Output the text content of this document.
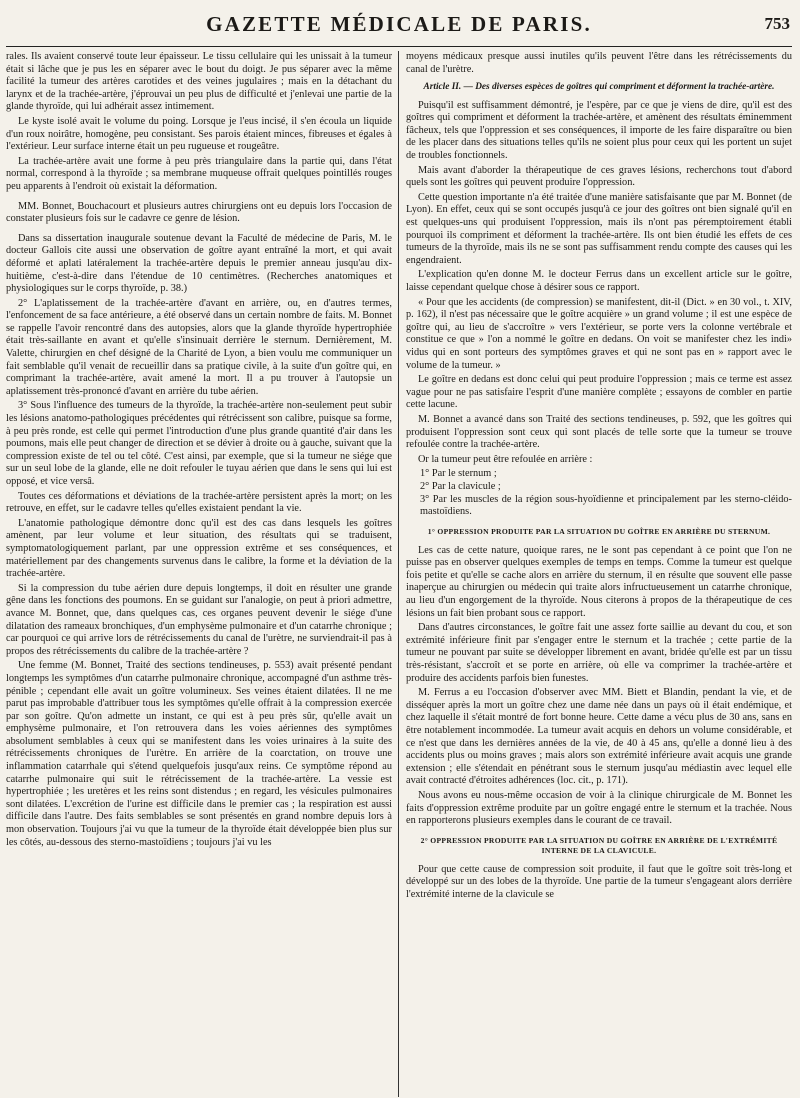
GAZETTE MÉDICALE DE PARIS.	753

rales. Ils avaient conservé toute leur épaisseur. Le tissu cellulaire qui les unissait à la tumeur était si lâche que je pus les en séparer avec le bout du doigt. Je pus séparer avec la même facilité la tumeur des artères carotides et des veines jugulaires ; mais en la détachant du larynx et de la trachée-artère, j'éprouvai un peu plus de difficulté et j'enlevai une partie de la glande thyroïde, qui lui adhérait assez intimement.

Le kyste isolé avait le volume du poing. Lorsque je l'eus incisé, il s'en écoula un liquide d'un roux noirâtre, homogène, peu consistant. Ses parois étaient minces, fibreuses et égales à l'extérieur. Leur surface interne était un peu rugueuse et rougeâtre.

La trachée-artère avait une forme à peu près triangulaire dans la partie qui, dans l'état normal, correspond à la thyroïde ; sa membrane muqueuse offrait quelques pointillés rouges peu apparents à l'endroit où existait la déformation.

MM. Bonnet, Bouchacourt et plusieurs autres chirurgiens ont eu depuis lors l'occasion de constater plusieurs fois sur le cadavre ce genre de lésion.

Dans sa dissertation inaugurale soutenue devant la Faculté de médecine de Paris, M. le docteur Gallois cite aussi une observation de goître ayant entraîné la mort, et qui avait déformé et aplati latéralement la trachée-artère depuis le premier anneau jusqu'au dix-huitième, c'est-à-dire dans l'étendue de 10 centimètres. (Recherches anatomiques et physiologiques sur le corps thyroïde, p. 38.)

2° L'aplatissement de la trachée-artère d'avant en arrière, ou, en d'autres termes, l'enfoncement de sa face antérieure, a été observé dans un certain nombre de faits. M. Bonnet se rappelle l'avoir rencontré dans des autopsies, alors que la glande thyroïde hypertrophiée était très-saillante en avant et qu'elle s'insinuait derrière le sternum. Dernièrement, M. Valette, chirurgien en chef désigné de la Charité de Lyon, a bien voulu me communiquer un fait semblable qu'il venait de recueillir dans sa pratique civile, à la suite d'un goître qui, en comprimant la trachée-artère, avait amené la mort. Il a pu trouver à l'autopsie un aplatissement très-prononcé d'avant en arrière du tube aérien.

3° Sous l'influence des tumeurs de la thyroïde, la trachée-artère non-seulement peut subir les lésions anatomo-pathologiques précédentes qui rétrécissent son calibre, puisque sa forme, à peu près ronde, est celle qui permet l'introduction d'une plus grande quantité d'air dans les poumons, mais elle peut changer de direction et se dévier à droite ou à gauche, suivant que la compression existe de tel ou tel côté. C'est ainsi, par exemple, que si la tumeur ne siége que sur un seul lobe de la glande, elle ne doit refouler le tuyau aérien que dans le sens qui lui est opposé, et vice versâ.

Toutes ces déformations et déviations de la trachée-artère persistent après la mort; on les retrouve, en effet, sur le cadavre telles qu'elles existaient pendant la vie.

L'anatomie pathologique démontre donc qu'il est des cas dans lesquels les goîtres amènent, par leur volume et leur situation, des résultats qui se traduisent, symptomatologiquement parlant, par une oppression extrême et ses conséquences, et matériellement par des changements survenus dans le calibre, la forme et la déviation de la trachée-artère.

Si la compression du tube aérien dure depuis longtemps, il doit en résulter une grande gêne dans les fonctions des poumons. En se guidant sur l'analogie, on peut à priori admettre, avance M. Bonnet, que, dans quelques cas, ces organes peuvent devenir le siége d'une dilatation des rameaux bronchiques, d'un emphysème pulmonaire et d'un catarrhe chronique ; car pourquoi ce qui arrive lors de rétrécissements du canal de l'urètre, ne surviendrait-il pas à propos des rétrécissements du calibre de la trachée-artère ?

Une femme (M. Bonnet, Traité des sections tendineuses, p. 553) avait présenté pendant longtemps les symptômes d'un catarrhe pulmonaire chronique, accompagné d'un asthme très-pénible ; cependant elle avait un goître volumineux. Ses veines étaient dilatées. Il ne me parut pas improbable d'attribuer tous les symptômes qu'elle offrait à la compression exercée par son goître. Qu'on admette un instant, ce qui est à peu près sûr, qu'elle avait un emphysème pulmonaire, et l'on retrouvera dans les voies aériennes des symptômes absolument semblables à ceux qui se manifestent dans les voies urinaires à la suite des rétrécissements chroniques de l'urètre. En arrière de la coarctation, on trouve une inflammation catarrhale qui s'étend quelquefois jusqu'aux reins. Ce symptôme répond au catarrhe pulmonaire qui suit le rétrécissement de la trachée-artère. La vessie est hypertrophiée ; les uretères et les reins sont distendus ; en regard, les vésicules pulmonaires sont dilatées. L'excrétion de l'urine est difficile dans le premier cas ; la respiration est aussi difficile dans l'autre. Des faits semblables se sont présentés en grand nombre depuis lors à mon observation. Toujours j'ai vu que la tumeur de la thyroïde était développée bien plus sur les côtés, au-dessous des sterno-mastoïdiens ; toujours j'ai vu les

moyens médicaux presque aussi inutiles qu'ils peuvent l'être dans les rétrécissements du canal de l'urètre.

Article II. — Des diverses espèces de goîtres qui compriment et déforment la trachée-artère.

Puisqu'il est suffisamment démontré, je l'espère, par ce que je viens de dire, qu'il est des goîtres qui compriment et déforment la trachée-artère, et amènent des résultats éminemment fâcheux, tels que l'oppression et ses conséquences, il importe de les faire disparaître ou bien de les placer dans des situations telles qu'ils ne soient plus pour ceux qui les portent un sujet de troubles fonctionnels.

Mais avant d'aborder la thérapeutique de ces graves lésions, recherchons tout d'abord quels sont les goîtres qui peuvent produire l'oppression.

Cette question importante n'a été traitée d'une manière satisfaisante que par M. Bonnet (de Lyon). En effet, ceux qui se sont occupés jusqu'à ce jour des goîtres ont bien signalé qu'il en est quelques-uns qui produisent l'oppression, mais ils n'ont pas péremptoirement établi pourquoi ils compriment et déforment la trachée-artère. Ils ont bien étudié les effets de ces tumeurs de la thyroïde, mais ils ne se sont pas suffisamment rendu compte des causes qui les engendraient.

L'explication qu'en donne M. le docteur Ferrus dans un excellent article sur le goître, laisse cependant quelque chose à désirer sous ce rapport.

« Pour que les accidents (de compression) se manifestent, dit-il (Dict. » en 30 vol., t. XIV, p. 162), il n'est pas nécessaire que le goître acquière » un grand volume ; il est une espèce de goître qui, au lieu de s'accroître » vers l'extérieur, se porte vers la colonne vertébrale et constitue ce que » l'on a nommé le goître en dedans. On voit se manifester chez les indi» vidus qui en sont porteurs des symptômes graves et qui ne sont pas en » rapport avec le volume de la tumeur. »

Le goître en dedans est donc celui qui peut produire l'oppression ; mais ce terme est assez vague pour ne pas satisfaire l'esprit d'une manière complète ; essayons de combler en partie cette lacune.

M. Bonnet a avancé dans son Traité des sections tendineuses, p. 592, que les goîtres qui produisent l'oppression sont ceux qui sont placés de telle sorte que la tumeur se trouve refoulée contre la trachée-artère.

Or la tumeur peut être refoulée en arrière :

1° Par le sternum ;
2° Par la clavicule ;
3° Par les muscles de la région sous-hyoïdienne et principalement par les sterno-cléido-mastoïdiens.
1° OPPRESSION PRODUITE PAR LA SITUATION DU GOÎTRE EN ARRIÈRE DU STERNUM.

Les cas de cette nature, quoique rares, ne le sont pas cependant à ce point que l'on ne puisse pas en observer quelques exemples de temps en temps. Comme la tumeur est quelque fois petite et qu'elle se cache alors en arrière du sternum, il en résulte que souvent elle passe inaperçue au chirurgien ou médecin qui traite alors infructueusement un catarrhe chronique, au lieu d'un engorgement de la thyroïde. Nous citerons à propos de la thérapeutique de ces lésions un fait bien probant sous ce rapport.

Dans d'autres circonstances, le goître fait une assez forte saillie au devant du cou, et son extrémité inférieure finit par s'engager entre le sternum et la trachée ; cette partie de la tumeur ne pouvant par suite se développer librement en avant, bridée qu'elle est par un tissu très-résistant, s'accroît et se porte en arrière, où elle va comprimer la trachée-artère et produire des accidents parfois bien funestes.

M. Ferrus a eu l'occasion d'observer avec MM. Biett et Blandin, pendant la vie, et de disséquer après la mort un goître chez une dame née dans un pays où il était endémique, et chez laquelle il s'était montré de fort bonne heure. Cette dame a vécu plus de 30 ans, sans en être notablement incommodée. La tumeur avait acquis en dehors un volume considérable, et ce n'est que dans les dernières années de la vie, de 40 à 45 ans, qu'elle a donné lieu à des accidents plus ou moins graves ; mais alors son extrémité inférieure avait acquis une grande extension ; elle s'étendait en pénétrant sous le sternum jusqu'au médiastin avec lequel elle avait contracté d'étroites adhérences (loc. cit., p. 171).

Nous avons eu nous-même occasion de voir à la clinique chirurgicale de M. Bonnet les faits d'oppression extrême produite par un goître engagé entre le sternum et la trachée. Nous en rapporterons plusieurs exemples dans le courant de ce travail.

2° OPPRESSION PRODUITE PAR LA SITUATION DU GOÎTRE EN ARRIÈRE DE L'EXTRÉMITÉ INTERNE DE LA CLAVICULE.

Pour que cette cause de compression soit produite, il faut que le goître soit très-long et développé sur un des lobes de la thyroïde. Une partie de la tumeur s'engageant alors derrière l'extrémité interne de la clavicule se
